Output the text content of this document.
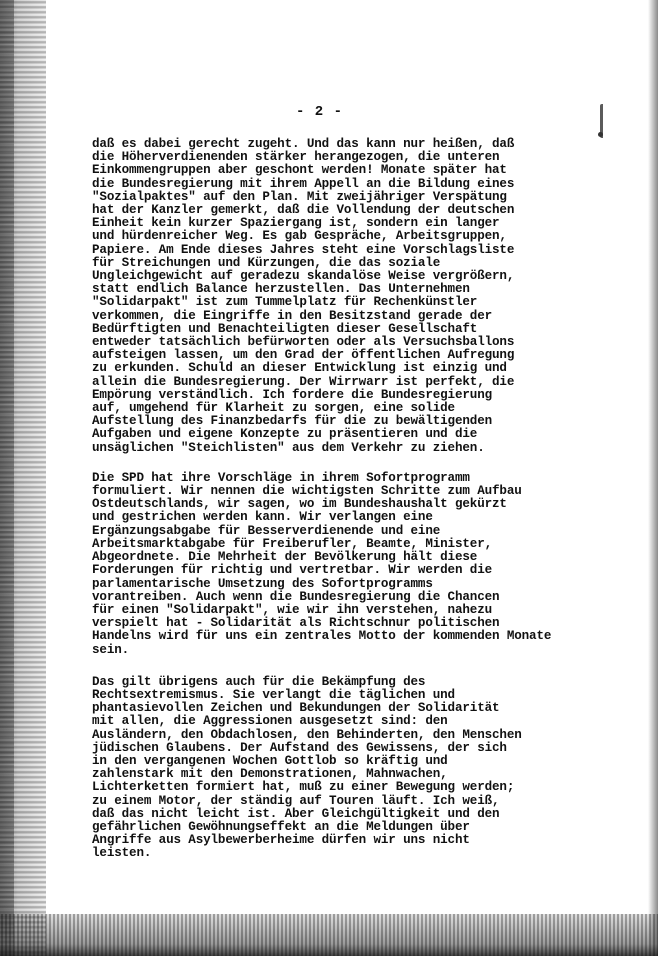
- 2 -
daß es dabei gerecht zugeht. Und das kann nur heißen, daß
die Höherverdienenden stärker herangezogen, die unteren
Einkommengruppen aber geschont werden! Monate später hat
die Bundesregierung mit ihrem Appell an die Bildung eines
"Sozialpaktes" auf den Plan. Mit zweijähriger Verspätung
hat der Kanzler gemerkt, daß die Vollendung der deutschen
Einheit kein kurzer Spaziergang ist, sondern ein langer
und hürdenreicher Weg. Es gab Gespräche, Arbeitsgruppen,
Papiere. Am Ende dieses Jahres steht eine Vorschlagsliste
für Streichungen und Kürzungen, die das soziale
Ungleichgewicht auf geradezu skandalöse Weise vergrößern,
statt endlich Balance herzustellen. Das Unternehmen
"Solidarpakt" ist zum Tummelplatz für Rechenkünstler
verkommen, die Eingriffe in den Besitzstand gerade der
Bedürftigten und Benachteiligten dieser Gesellschaft
entweder tatsächlich befürworten oder als Versuchsballons
aufsteigen lassen, um den Grad der öffentlichen Aufregung
zu erkunden. Schuld an dieser Entwicklung ist einzig und
allein die Bundesregierung. Der Wirrwarr ist perfekt, die
Empörung verständlich. Ich fordere die Bundesregierung
auf, umgehend für Klarheit zu sorgen, eine solide
Aufstellung des Finanzbedarfs für die zu bewältigenden
Aufgaben und eigene Konzepte zu präsentieren und die
unsäglichen "Steichlisten" aus dem Verkehr zu ziehen.
Die SPD hat ihre Vorschläge in ihrem Sofortprogramm
formuliert. Wir nennen die wichtigsten Schritte zum Aufbau
Ostdeutschlands, wir sagen, wo im Bundeshaushalt gekürzt
und gestrichen werden kann. Wir verlangen eine
Ergänzungsabgabe für Besserverdienende und eine
Arbeitsmarktabgabe für Freiberufler, Beamte, Minister,
Abgeordnete. Die Mehrheit der Bevölkerung hält diese
Forderungen für richtig und vertretbar. Wir werden die
parlamentarische Umsetzung des Sofortprogramms
vorantreiben. Auch wenn die Bundesregierung die Chancen
für einen "Solidarpakt", wie wir ihn verstehen, nahezu
verspielt hat - Solidarität als Richtschnur politischen
Handelns wird für uns ein zentrales Motto der kommenden Monate
sein.
Das gilt übrigens auch für die Bekämpfung des
Rechtsextremismus. Sie verlangt die täglichen und
phantasievollen Zeichen und Bekundungen der Solidarität
mit allen, die Aggressionen ausgesetzt sind: den
Ausländern, den Obdachlosen, den Behinderten, den Menschen
jüdischen Glaubens. Der Aufstand des Gewissens, der sich
in den vergangenen Wochen Gottlob so kräftig und
zahlenstark mit den Demonstrationen, Mahnwachen,
Lichterketten formiert hat, muß zu einer Bewegung werden;
zu einem Motor, der ständig auf Touren läuft. Ich weiß,
daß das nicht leicht ist. Aber Gleichgültigkeit und den
gefährlichen Gewöhnungseffekt an die Meldungen über
Angriffe aus Asylbewerberheime dürfen wir uns nicht
leisten.
